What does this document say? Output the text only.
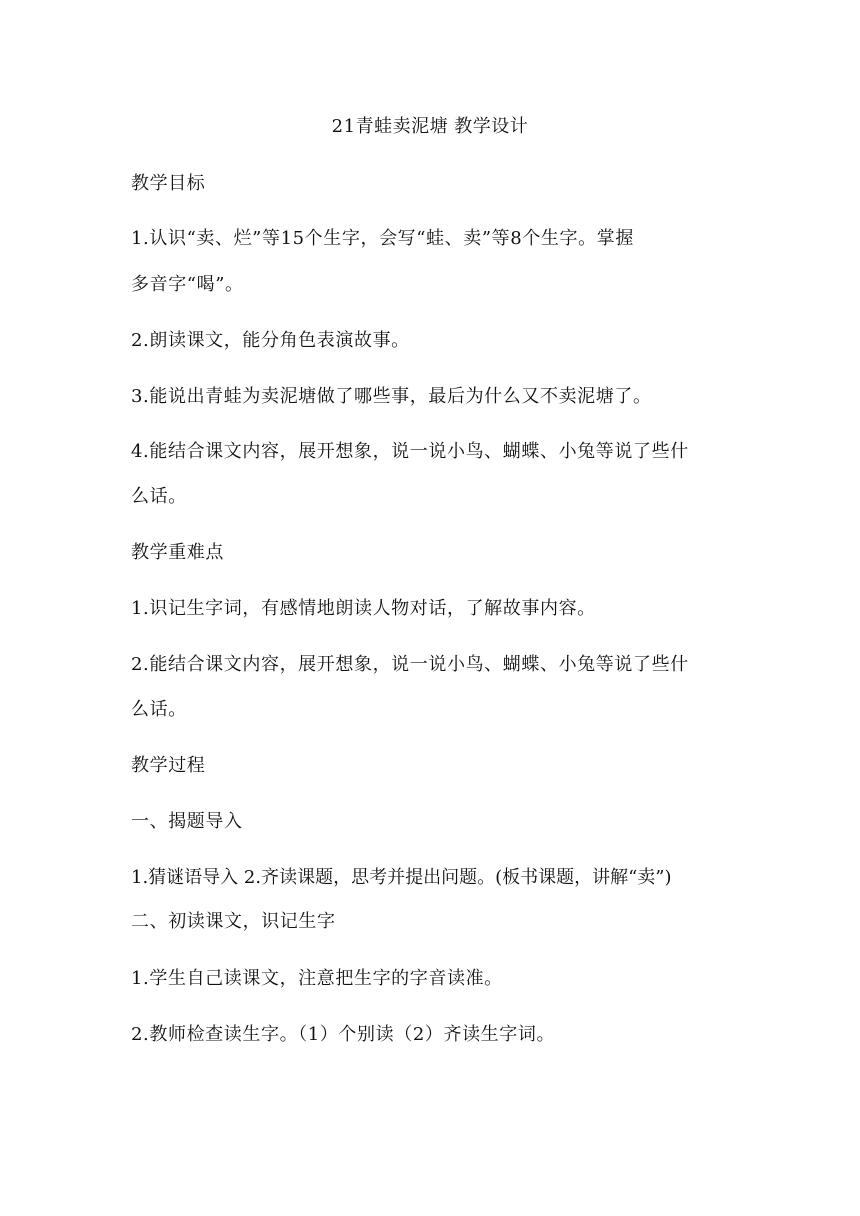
21青蛙卖泥塘 教学设计
教学目标
1.认识“卖、烂”等15个生字，会写“蛙、卖”等8个生字。掌握
多音字“喝”。
2.朗读课文，能分角色表演故事。
3.能说出青蛙为卖泥塘做了哪些事，最后为什么又不卖泥塘了。
4.能结合课文内容，展开想象，说一说小鸟、蝴蝶、小兔等说了些什
么话。
教学重难点
1.识记生字词，有感情地朗读人物对话，了解故事内容。
2.能结合课文内容，展开想象，说一说小鸟、蝴蝶、小兔等说了些什
么话。
教学过程
一、揭题导入
1.猜谜语导入 2.齐读课题，思考并提出问题。(板书课题，讲解“卖”)
二、初读课文，识记生字
1.学生自己读课文，注意把生字的字音读准。
2.教师检查读生字。（1）个别读（2）齐读生字词。
